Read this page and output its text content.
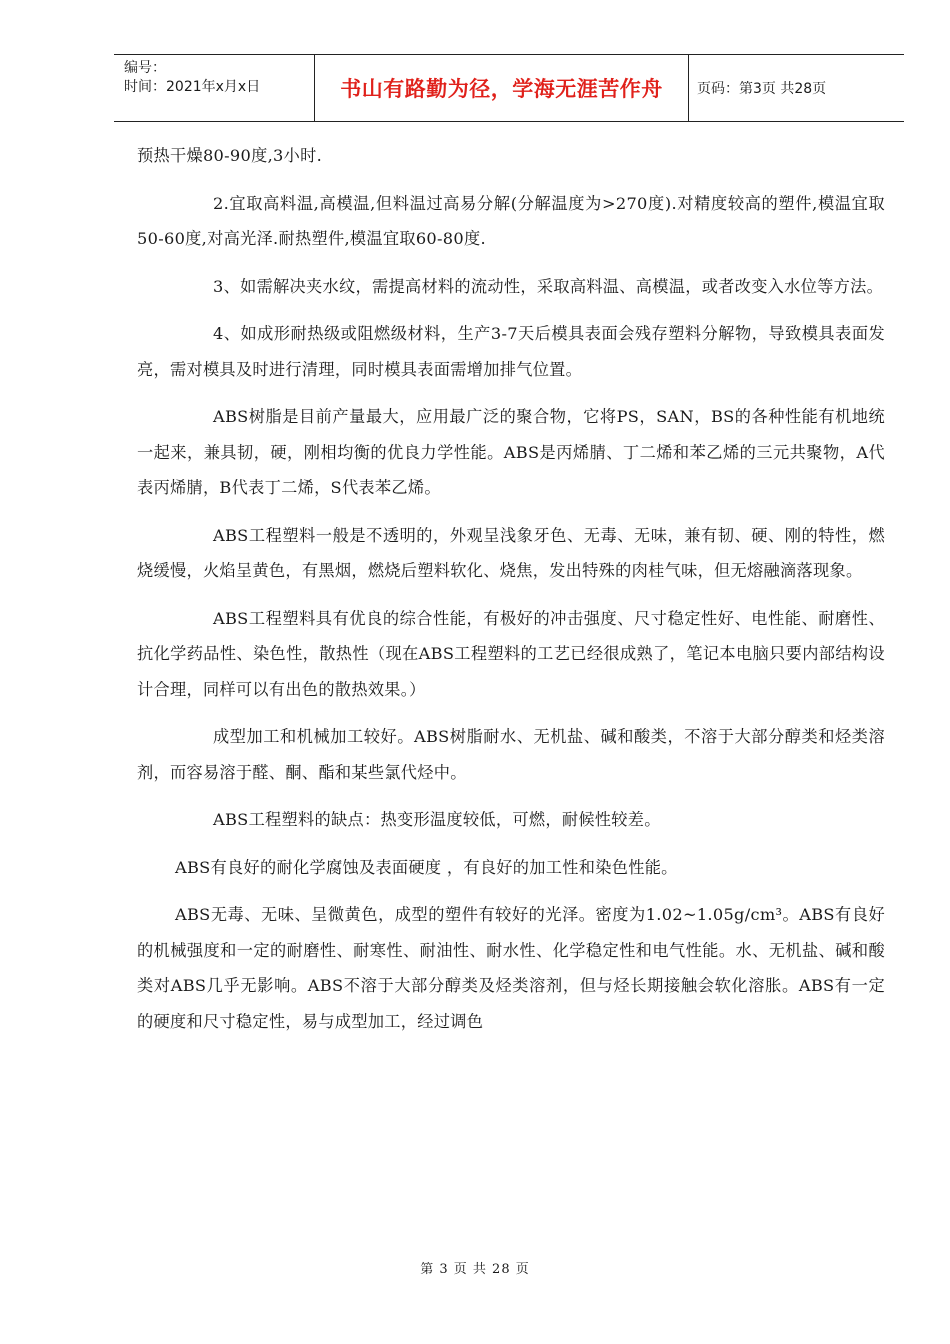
编号：
时间：2021年x月x日	书山有路勤为径，学海无涯苦作舟	页码：第3页 共28页

预热干燥80-90度,3小时.

2.宜取高料温,高模温,但料温过高易分解(分解温度为>270度).对精度较高的塑件,模温宜取50-60度,对高光泽.耐热塑件,模温宜取60-80度.

3、如需解决夹水纹，需提高材料的流动性，采取高料温、高模温，或者改变入水位等方法。

4、如成形耐热级或阻燃级材料，生产3-7天后模具表面会残存塑料分解物，导致模具表面发亮，需对模具及时进行清理，同时模具表面需增加排气位置。

ABS树脂是目前产量最大，应用最广泛的聚合物，它将PS，SAN，BS的各种性能有机地统一起来，兼具韧，硬，刚相均衡的优良力学性能。ABS是丙烯腈、丁二烯和苯乙烯的三元共聚物，A代表丙烯腈，B代表丁二烯，S代表苯乙烯。

ABS工程塑料一般是不透明的，外观呈浅象牙色、无毒、无味，兼有韧、硬、刚的特性，燃烧缓慢，火焰呈黄色，有黑烟，燃烧后塑料软化、烧焦，发出特殊的肉桂气味，但无熔融滴落现象。

ABS工程塑料具有优良的综合性能，有极好的冲击强度、尺寸稳定性好、电性能、耐磨性、抗化学药品性、染色性，散热性（现在ABS工程塑料的工艺已经很成熟了，笔记本电脑只要内部结构设计合理，同样可以有出色的散热效果。）

成型加工和机械加工较好。ABS树脂耐水、无机盐、碱和酸类，不溶于大部分醇类和烃类溶剂，而容易溶于醛、酮、酯和某些氯代烃中。

ABS工程塑料的缺点：热变形温度较低，可燃，耐候性较差。

ABS有良好的耐化学腐蚀及表面硬度 ，有良好的加工性和染色性能。

ABS无毒、无味、呈微黄色，成型的塑件有较好的光泽。密度为1.02~1.05g/cm³。ABS有良好的机械强度和一定的耐磨性、耐寒性、耐油性、耐水性、化学稳定性和电气性能。水、无机盐、碱和酸类对ABS几乎无影响。ABS不溶于大部分醇类及烃类溶剂，但与烃长期接触会软化溶胀。ABS有一定的硬度和尺寸稳定性，易与成型加工，经过调色

第 3 页 共 28 页
